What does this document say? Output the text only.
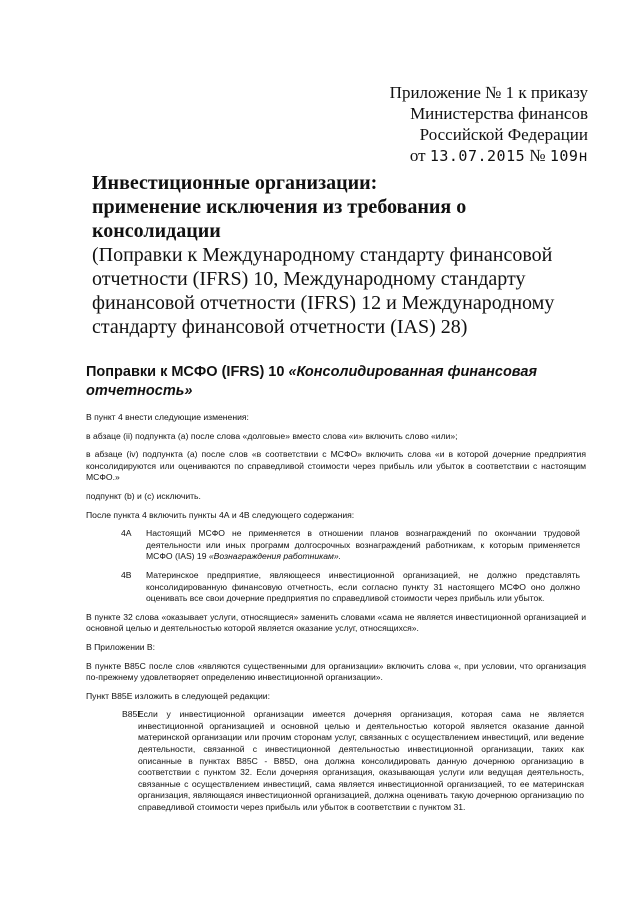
Приложение № 1 к приказу
Министерства финансов
Российской Федерации
от 13.07.2015 № 109н
Инвестиционные организации:
применение исключения из требования о
консолидации
(Поправки к Международному стандарту финансовой отчетности (IFRS) 10, Международному стандарту финансовой отчетности (IFRS) 12 и Международному стандарту финансовой отчетности (IAS) 28)
Поправки к МСФО (IFRS) 10 «Консолидированная финансовая отчетность»

В пункт 4 внести следующие изменения:

в абзаце (ii) подпункта (а) после слова «долговые» вместо слова «и» включить слово «или»;

в абзаце (iv) подпункта (а) после слов «в соответствии с МСФО» включить слова «и в которой дочерние предприятия консолидируются или оцениваются по справедливой стоимости через прибыль или убыток в соответствии с настоящим МСФО.»

подпункт (b) и (с) исключить.

После пункта 4 включить пункты 4А и 4В следующего содержания:

4А	Настоящий МСФО не применяется в отношении планов вознаграждений по окончании трудовой деятельности или иных программ долгосрочных вознаграждений работникам, к которым применяется МСФО (IAS) 19 «Вознаграждения работникам».
4В	Материнское предприятие, являющееся инвестиционной организацией, не должно представлять консолидированную финансовую отчетность, если согласно пункту 31 настоящего МСФО оно должно оценивать все свои дочерние предприятия по справедливой стоимости через прибыль или убыток.

В пункте 32 слова «оказывает услуги, относящиеся» заменить словами «сама не является инвестиционной организацией и основной целью и деятельностью которой является оказание услуг, относящихся».

В Приложении В:

В пункте В85С после слов «являются существенными для организации» включить слова «, при условии, что организация по-прежнему удовлетворяет определению инвестиционной организации».

Пункт В85Е изложить в следующей редакции:

В85Е
Если у инвестиционной организации имеется дочерняя организация, которая сама не является инвестиционной организацией и основной целью и деятельностью которой является оказание данной материнской организации или прочим сторонам услуг, связанных с осуществлением инвестиций, или ведение деятельности, связанной с инвестиционной деятельностью инвестиционной организации, таких как описанные в пунктах В85С - В85D, она должна консолидировать данную дочернюю организацию в соответствии с пунктом 32. Если дочерняя организация, оказывающая услуги или ведущая деятельность, связанные с осуществлением инвестиций, сама является инвестиционной организацией, то ее материнская организация, являющаяся инвестиционной организацией, должна оценивать такую дочернюю организацию по справедливой стоимости через прибыль или убыток в соответствии с пунктом 31.
